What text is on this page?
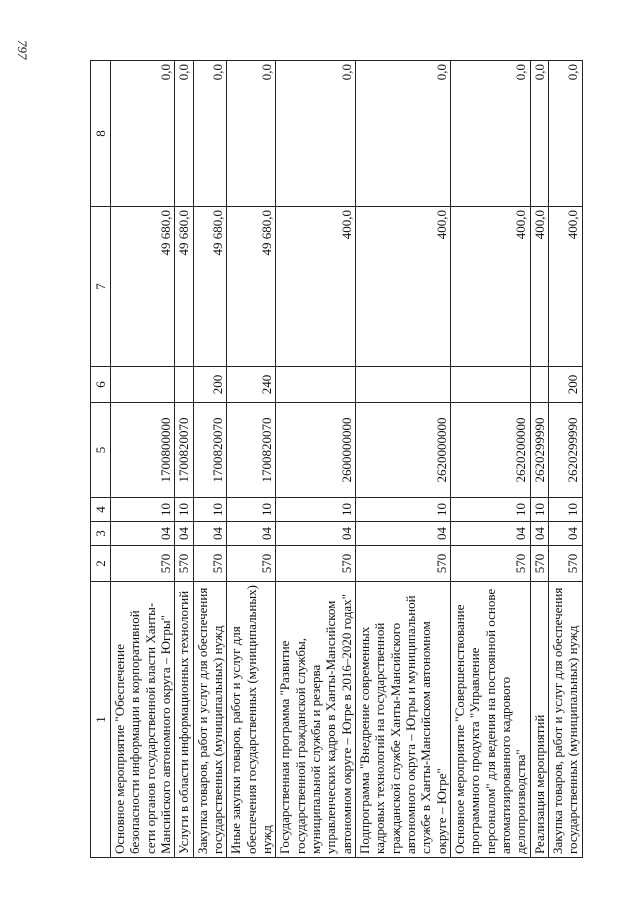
797
1	2	3	4	5	6	7	8
Основное мероприятие "Обеспечение безопасности информации в корпоративной сети органов государственной власти Ханты-Мансийского автономного округа – Югры"	570	04	10	1700800000		49 680,0	0,0
Услуги в области информационных технологий	570	04	10	1700820070		49 680,0	0,0
Закупка товаров, работ и услуг для обеспечения государственных (муниципальных) нужд	570	04	10	1700820070	200	49 680,0	0,0
Иные закупки товаров, работ и услуг для обеспечения государственных (муниципальных) нужд	570	04	10	1700820070	240	49 680,0	0,0
Государственная программа "Развитие государственной гражданской службы, муниципальной службы и резерва управленческих кадров в Ханты-Мансийском автономном округе – Югре в 2016–2020 годах"	570	04	10	2600000000		400,0	0,0
Подпрограмма "Внедрение современных кадровых технологий на государственной гражданской службе Ханты-Мансийского автономного округа – Югры и муниципальной службе в Ханты-Мансийском автономном округе – Югре"	570	04	10	2620000000		400,0	0,0
Основное мероприятие "Совершенствование программного продукта "Управление персоналом" для ведения на постоянной основе автоматизированного кадрового делопроизводства"	570	04	10	2620200000		400,0	0,0
Реализация мероприятий	570	04	10	2620299990		400,0	0,0
Закупка товаров, работ и услуг для обеспечения государственных (муниципальных) нужд	570	04	10	2620299990	200	400,0	0,0
